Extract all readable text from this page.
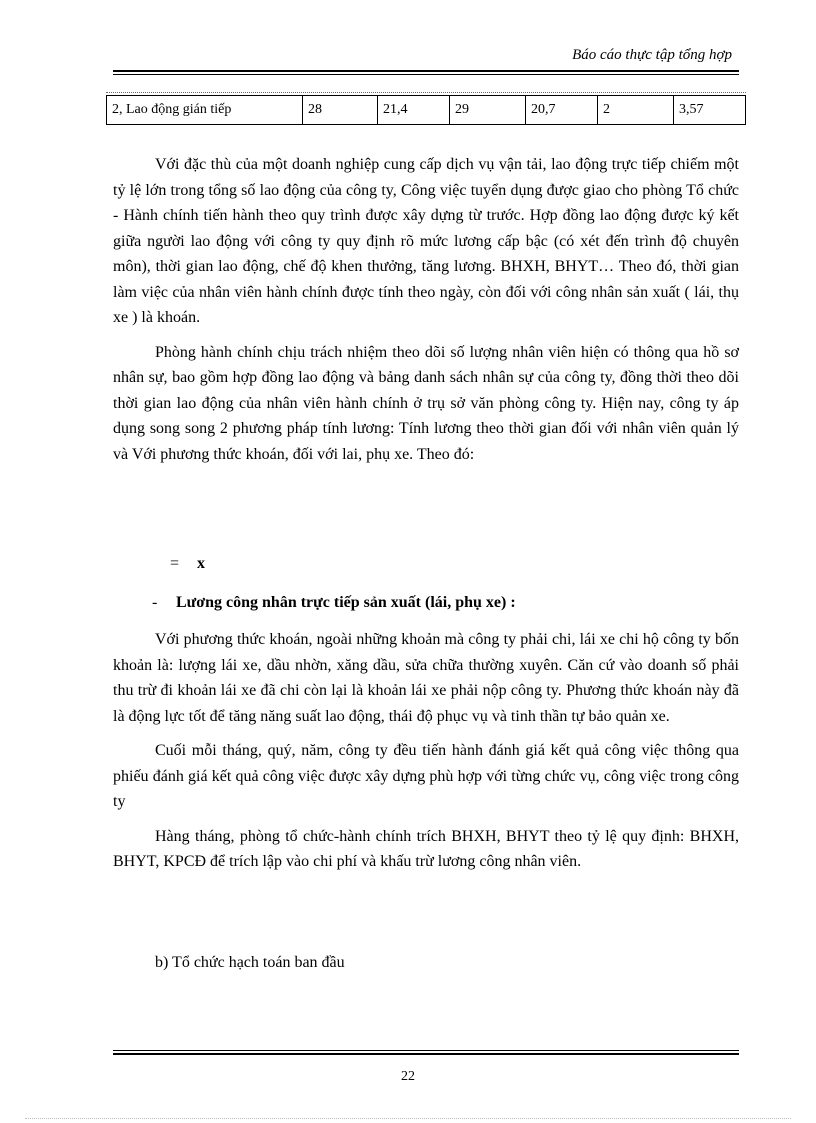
Báo cáo thực tập tổng hợp
2, Lao động gián tiếp	28	21,4	29	20,7	2	3,57

Với đặc thù của một doanh nghiệp cung cấp dịch vụ vận tải, lao động trực tiếp chiếm một tỷ lệ lớn trong tổng số lao động của công ty, Công việc tuyển dụng được giao cho phòng Tổ chức - Hành chính tiến hành theo quy trình được xây dựng từ trước. Hợp đồng lao động được ký kết giữa người lao động với công ty quy định rõ mức lương cấp bậc (có xét đến trình độ chuyên môn), thời gian lao động, chế độ khen thưởng, tăng lương. BHXH, BHYT… Theo đó, thời gian làm việc của nhân viên hành chính được tính theo ngày, còn đối với công nhân sản xuất ( lái, thụ xe ) là khoán.

Phòng hành chính chịu trách nhiệm theo dõi số lượng nhân viên hiện có thông qua hồ sơ nhân sự, bao gồm hợp đồng lao động và bảng danh sách nhân sự của công ty, đồng thời theo dõi thời gian lao động của nhân viên hành chính ở trụ sở văn phòng công ty. Hiện nay, công ty áp dụng song song 2 phương pháp tính lương: Tính lương theo thời gian đối với nhân viên quản lý và Với phương thức khoán, đối với lai, phụ xe. Theo đó:

= x
- Lương công nhân trực tiếp sản xuất (lái, phụ xe) :

Với phương thức khoán, ngoài những khoản mà công ty phải chi, lái xe chi hộ công ty bốn khoản là: lượng lái xe, dầu nhờn, xăng dầu, sửa chữa thường xuyên. Căn cứ vào doanh số phải thu trừ đi khoản lái xe đã chi còn lại là khoản lái xe phải nộp công ty. Phương thức khoán này đã là động lực tốt để tăng năng suất lao động, thái độ phục vụ và tinh thần tự bảo quản xe.

Cuối mỗi tháng, quý, năm, công ty đều tiến hành đánh giá kết quả công việc thông qua phiếu đánh giá kết quả công việc được xây dựng phù hợp với từng chức vụ, công việc trong công ty

Hàng tháng, phòng tổ chức-hành chính trích BHXH, BHYT theo tỷ lệ quy định: BHXH, BHYT, KPCĐ để trích lập vào chi phí và khấu trừ lương công nhân viên.

b) Tổ chức hạch toán ban đầu
22
